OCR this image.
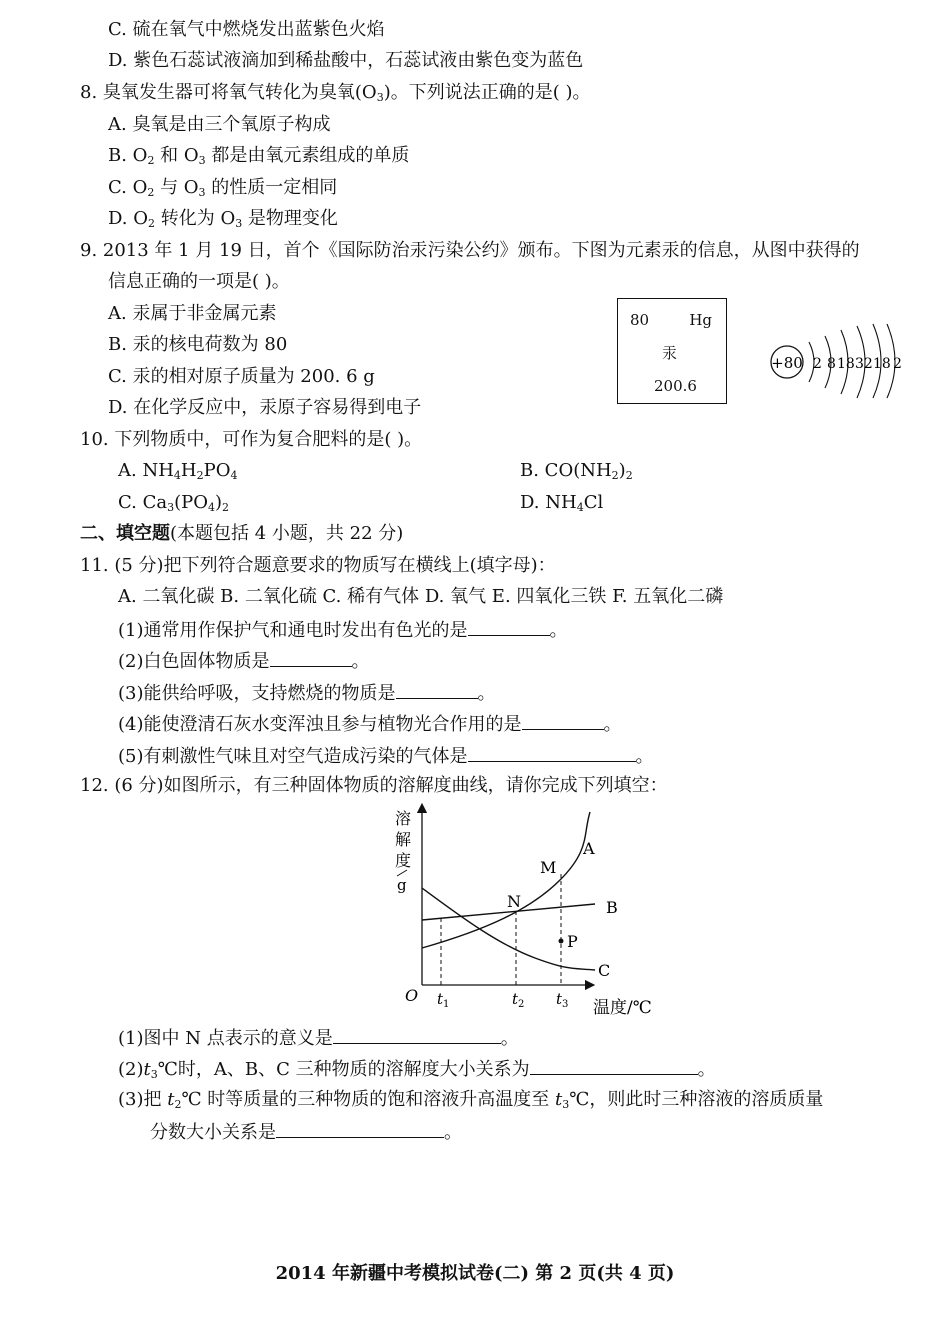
C. 硫在氧气中燃烧发出蓝紫色火焰
D. 紫色石蕊试液滴加到稀盐酸中，石蕊试液由紫色变为蓝色
8. 臭氧发生器可将氧气转化为臭氧$(O_3)$。下列说法正确的是( )。
A. 臭氧是由三个氧原子构成
B. $O_2$ 和 $O_3$ 都是由氧元素组成的单质
C. $O_2$ 与 $O_3$ 的性质一定相同
D. $O_2$ 转化为 $O_3$ 是物理变化
9. 2013 年 1 月 19 日，首个《国际防治汞污染公约》颁布。下图为元素汞的信息，从图中获得的
信息正确的一项是( )。
A. 汞属于非金属元素
B. 汞的核电荷数为 80
C. 汞的相对原子质量为 200. 6 g
D. 在化学反应中，汞原子容易得到电子
80	Hg
汞
200.6
+80 2 8 18 32 18 2
10. 下列物质中，可作为复合肥料的是( )。
A. $NH_4H_2PO_4$	B. $CO(NH_2)_2$
C. $Ca_3(PO_4)_2$	D. $NH_4Cl$
二、填空题(本题包括 4 小题，共 22 分)
11. (5 分)把下列符合题意要求的物质写在横线上(填字母)：
A. 二氧化碳 B. 二氧化硫 C. 稀有气体 D. 氧气 E. 四氧化三铁 F. 五氧化二磷
(1)通常用作保护气和通电时发出有色光的是	。
(2)白色固体物质是	。
(3)能供给呼吸，支持燃烧的物质是	。
(4)能使澄清石灰水变浑浊且参与植物光合作用的是	。
(5)有刺激性气味且对空气造成污染的气体是	。
12. (6 分)如图所示，有三种固体物质的溶解度曲线，请你完成下列填空：
溶
解
度
g
O
A
B
C
M
N
P
$t_1$	$t_2$ $t_3$ 温度/℃
(1)图中 N 点表示的意义是	。
$(2)t_3℃$时，A、B、C 三种物质的溶解度大小关系为	。
(3)把 $t_2℃$ 时等质量的三种物质的饱和溶液升高温度至 $t_3℃$，则此时三种溶液的溶质质量
分数大小关系是	。
2014 年新疆中考模拟试卷(二) 第 2 页(共 4 页)
